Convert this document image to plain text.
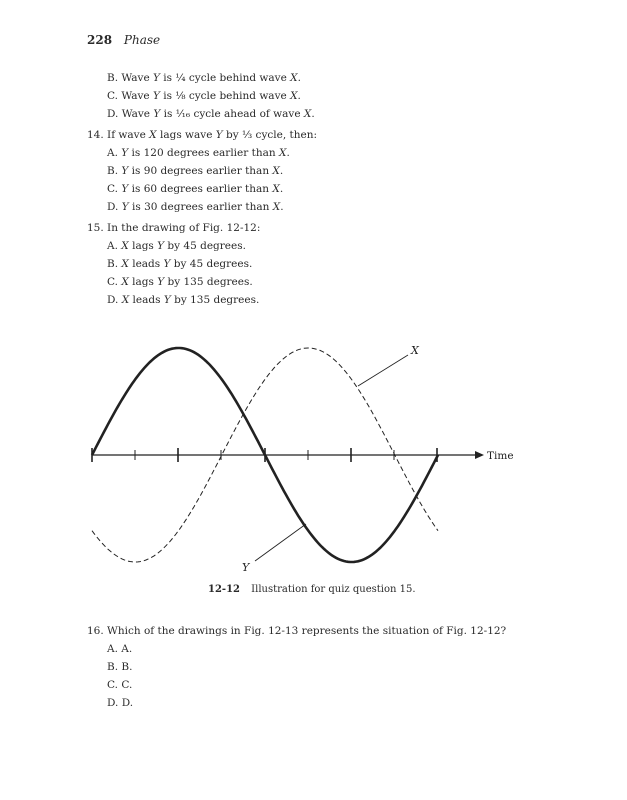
228 Phase
B. Wave Y is ¼ cycle behind wave X.
C. Wave Y is ⅛ cycle behind wave X.
D. Wave Y is ⅟₁₆ cycle ahead of wave X.
14. If wave X lags wave Y by ⅓ cycle, then:
A. Y is 120 degrees earlier than X.
B. Y is 90 degrees earlier than X.
C. Y is 60 degrees earlier than X.
D. Y is 30 degrees earlier than X.
15. In the drawing of Fig. 12-12:
A. X lags Y by 45 degrees.
B. X leads Y by 45 degrees.
C. X lags Y by 135 degrees.
D. X leads Y by 135 degrees.
X
Y
Time
12-12 Illustration for quiz question 15.
16. Which of the drawings in Fig. 12-13 represents the situation of Fig. 12-12?
A. A.
B. B.
C. C.
D. D.
